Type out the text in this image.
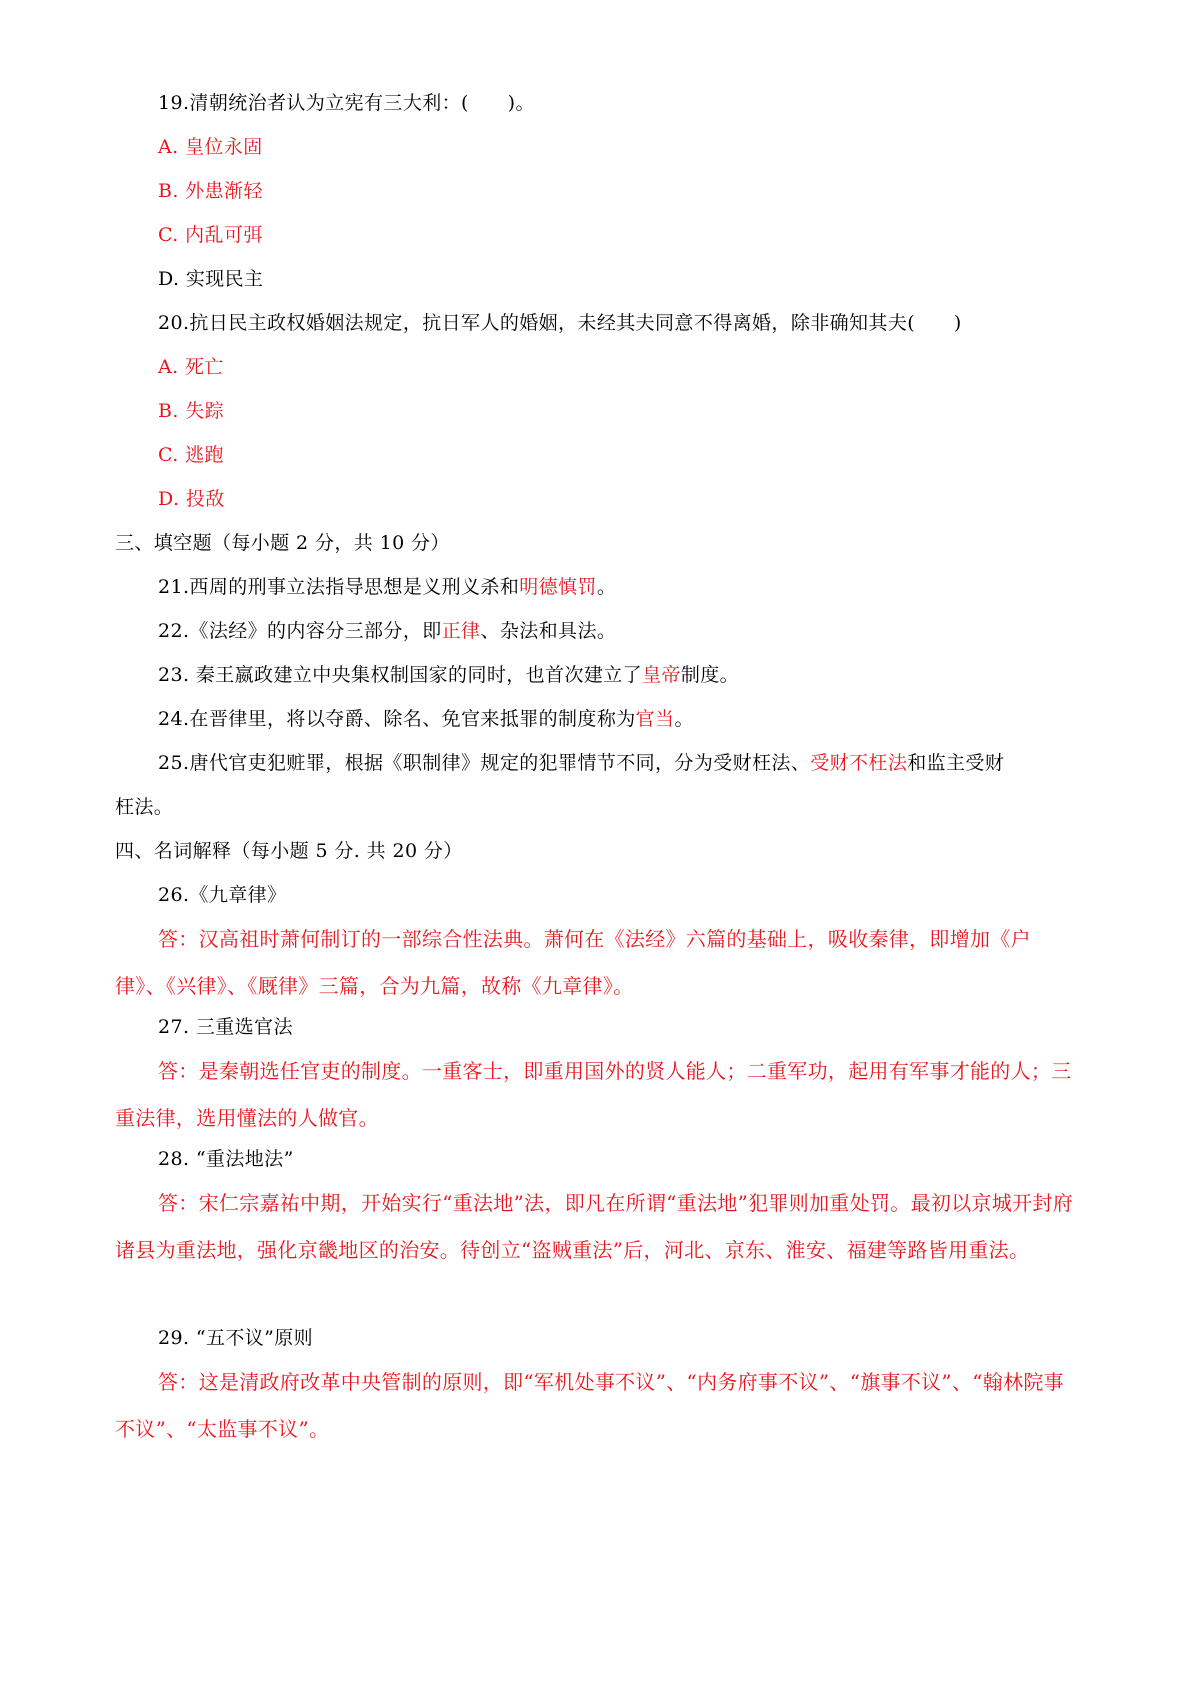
19.清朝统治者认为立宪有三大利：(　　)。
A. 皇位永固
B. 外患渐轻
C. 内乱可弭
D. 实现民主
20.抗日民主政权婚姻法规定，抗日军人的婚姻，未经其夫同意不得离婚，除非确知其夫(　　)
A. 死亡
B. 失踪
C. 逃跑
D. 投敌
三、填空题（每小题 2 分，共 10 分）
21.西周的刑事立法指导思想是义刑义杀和明德慎罚。
22.《法经》的内容分三部分，即正律、杂法和具法。
23. 秦王嬴政建立中央集权制国家的同时，也首次建立了皇帝制度。
24.在晋律里，将以夺爵、除名、免官来抵罪的制度称为官当。
25.唐代官吏犯赃罪，根据《职制律》规定的犯罪情节不同，分为受财枉法、受财不枉法和监主受财
枉法。
四、名词解释（每小题 5 分. 共 20 分）
26.《九章律》
答：汉高祖时萧何制订的一部综合性法典。萧何在《法经》六篇的基础上，吸收秦律，即增加《户律》、《兴律》、《厩律》三篇，合为九篇，故称《九章律》。
27. 三重选官法
答：是秦朝选任官吏的制度。一重客士，即重用国外的贤人能人；二重军功，起用有军事才能的人；三重法律，选用懂法的人做官。
28. “重法地法”
答：宋仁宗嘉祐中期，开始实行“重法地”法，即凡在所谓“重法地”犯罪则加重处罚。最初以京城开封府诸县为重法地，强化京畿地区的治安。待创立“盗贼重法”后，河北、京东、淮安、福建等路皆用重法。
29. “五不议”原则
答：这是清政府改革中央管制的原则，即“军机处事不议”、“内务府事不议”、“旗事不议”、“翰林院事不议”、“太监事不议”。
